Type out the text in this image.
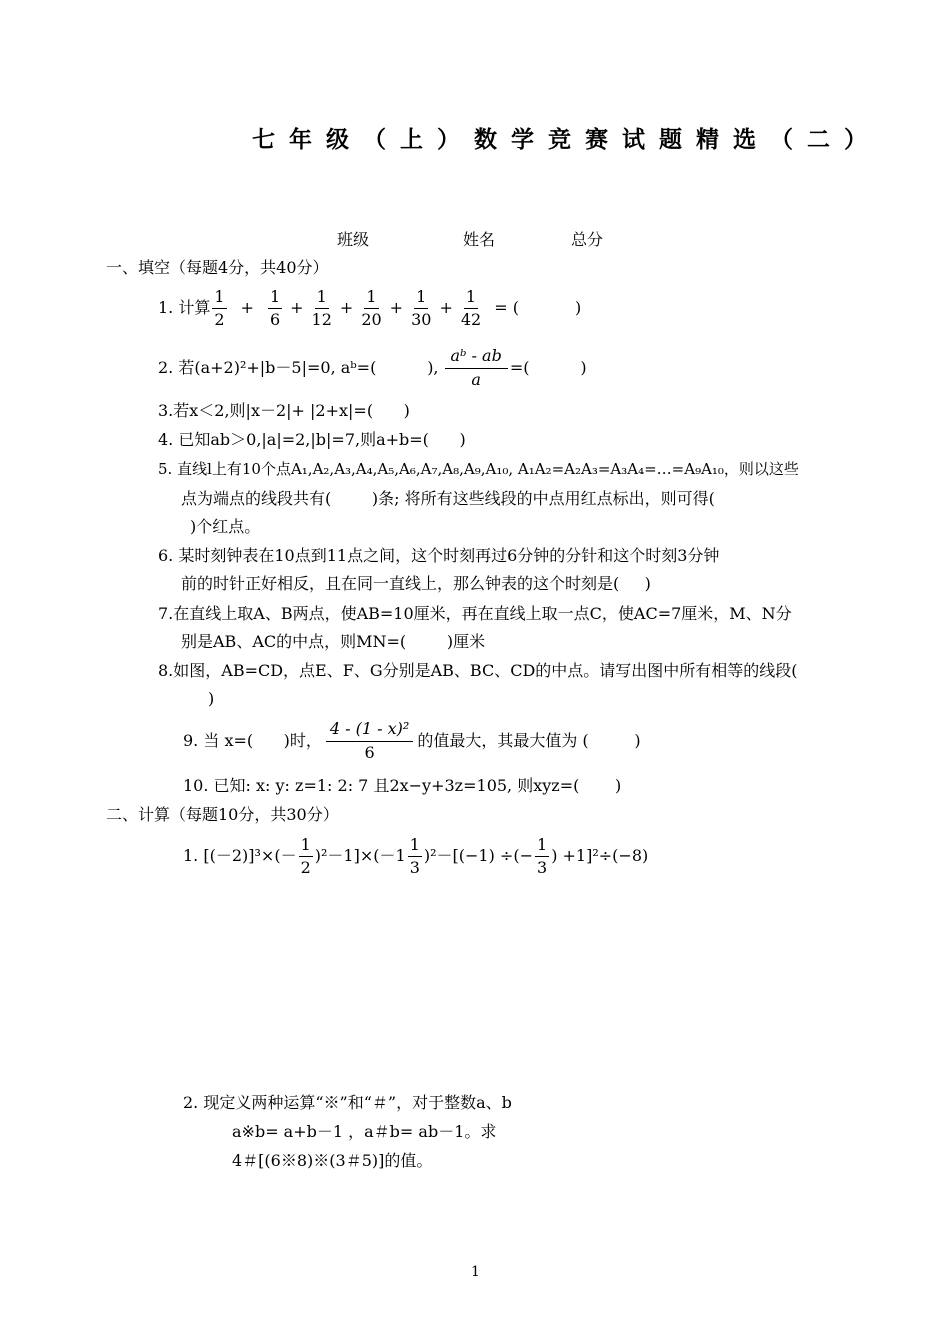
七年级（上）数学竞赛试题精选（二）
班级	姓名	总分
一、填空（每题4分，共40分）
1. 计算 $\frac{1}{2} + \frac{1}{6} + \frac{1}{12} + \frac{1}{20} + \frac{1}{30} + \frac{1}{42}$ = (           )
2. 若(a+2)²+|b－5|=0, aᵇ=(          ), $\frac{\text{aᵇ - ab}}{a}$ =(          )
3.若x＜2,则|x－2|+ |2+x|=(      )
4. 已知ab＞0,|a|=2,|b|=7,则a+b=(      )
5. 直线l上有10个点A₁,A₂,A₃,A₄,A₅,A₆,A₇,A₈,A₉,A₁₀, A₁A₂=A₂A₃=A₃A₄=…=A₉A₁₀，则以这些
点为端点的线段共有(        )条; 将所有这些线段的中点用红点标出，则可得(
)个红点。
6. 某时刻钟表在10点到11点之间，这个时刻再过6分钟的分针和这个时刻3分钟
前的时针正好相反，且在同一直线上，那么钟表的这个时刻是(     )
7.在直线上取A、B两点，使AB=10厘米，再在直线上取一点C，使AC=7厘米，M、N分
别是AB、AC的中点，则MN=(        )厘米
8.如图，AB=CD，点E、F、G分别是AB、BC、CD的中点。请写出图中所有相等的线段(
)
9. 当 x=(      )时， $\frac{\text{4 - (1 - x)²}}{6}$ 的值最大，其最大值为 (         )
10. 已知: x: y: z=1: 2: 7 且2x−y+3z=105, 则xyz=(       )
二、计算（每题10分，共30分）
1. $[(-2)]^3\times(- \frac{1}{2} )^2-1]\times(-1 \frac{1}{3} )^2-[(-1)$ ÷(− $\frac{1}{3}$ ) +1]²÷(−8)
2. 现定义两种运算“※”和“＃”，对于整数a、b
a※b= a+b－1 ，a＃b= ab－1。求
4＃[(6※8)※(3＃5)]的值。
1
